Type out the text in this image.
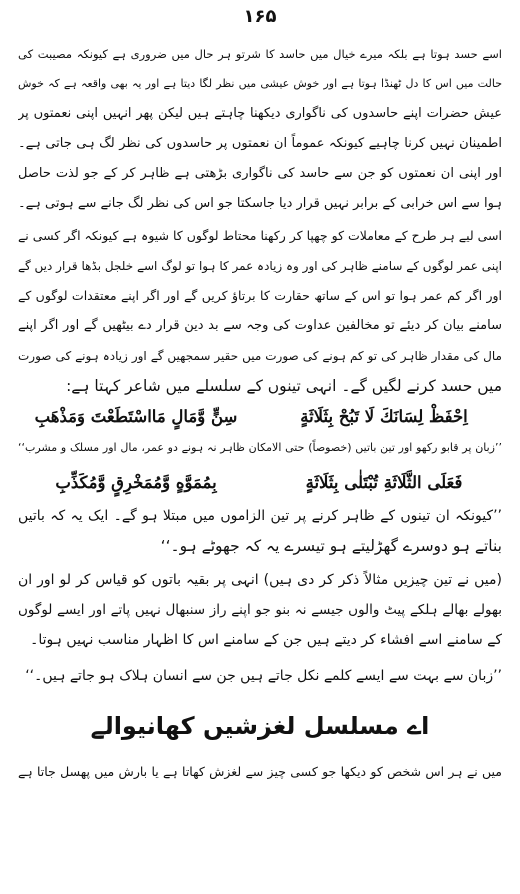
۱۶۵
اسے حسد ہوتا ہے بلکہ میرے خیال میں حاسد کا شرتو ہر حال میں ضروری ہے کیونکہ مصیبت کی
حالت میں اس کا دل ٹھنڈا ہوتا ہے اور خوش عیشی میں نظر لگا دیتا ہے اور یہ بھی واقعہ ہے کہ خوش
عیش حضرات اپنے حاسدوں کی ناگواری دیکھنا چاہتے ہیں لیکن پھر انہیں اپنی نعمتوں پر
اطمینان نہیں کرنا چاہیے کیونکہ عموماً ان نعمتوں پر حاسدوں کی نظر لگ ہی جاتی ہے۔
اور اپنی ان نعمتوں کو جن سے حاسد کی ناگواری بڑھتی ہے ظاہر کر کے جو لذت حاصل
ہوا سے اس خرابی کے برابر نہیں قرار دیا جاسکتا جو اس کی نظر لگ جانے سے ہوتی ہے۔
اسی لیے ہر طرح کے معاملات کو چھپا کر رکھنا محتاط لوگوں کا شیوہ ہے کیونکہ اگر کسی نے
اپنی عمر لوگوں کے سامنے ظاہر کی اور وہ زیادہ عمر کا ہوا تو لوگ اسے خلجل بڈھا قرار دیں گے
اور اگر کم عمر ہوا تو اس کے ساتھ حقارت کا برتاؤ کریں گے اور اگر اپنے معتقدات لوگوں کے
سامنے بیان کر دیئے تو مخالفین عداوت کی وجہ سے بد دین قرار دے بیٹھیں گے اور اگر اپنے
مال کی مقدار ظاہر کی تو کم ہونے کی صورت میں حقیر سمجھیں گے اور زیادہ ہونے کی صورت
میں حسد کرنے لگیں گے۔ انہی تینوں کے سلسلے میں شاعر کہتا ہے:
اِحْفَظْ لِسَانَكَ لَا تَبُحْ بِثَلَاثَةٍ
سِنٍّ وَّمَالٍ مَااسْتَطَعْتَ وَمَذْهَبِ
’’زبان پر قابو رکھو اور تین باتیں (خصوصاً) حتی الامکان ظاہر نہ ہونے دو عمر، مال اور مسلک و مشرب‘‘
فَعَلَى الثَّلَاثَةِ تُبْتَلٰى بِثَلَاثَةٍ
بِمُمَوَّهٍ وَّمُمَخْرِقٍ وَّمُكَذِّبِ
’’کیونکہ ان تینوں کے ظاہر کرنے پر تین الزاموں میں مبتلا ہو گے۔ ایک یہ کہ باتیں
بناتے ہو دوسرے گھڑلیتے ہو تیسرے یہ کہ جھوٹے ہو۔‘‘
(میں نے تین چیزیں مثالاً ذکر کر دی ہیں) انہی پر بقیہ باتوں کو قیاس کر لو اور ان
بھولے بھالے ہلکے پیٹ والوں جیسے نہ بنو جو اپنے راز سنبھال نہیں پاتے اور ایسے لوگوں
کے سامنے اسے افشاء کر دیتے ہیں جن کے سامنے اس کا اظہار مناسب نہیں ہوتا۔
’’زبان سے بہت سے ایسے کلمے نکل جاتے ہیں جن سے انسان ہلاک ہو جاتے ہیں۔‘‘
اے مسلسل لغزشیں کھانیوالے
میں نے ہر اس شخص کو دیکھا جو کسی چیز سے لغزش کھاتا ہے یا بارش میں پھسل جاتا ہے
